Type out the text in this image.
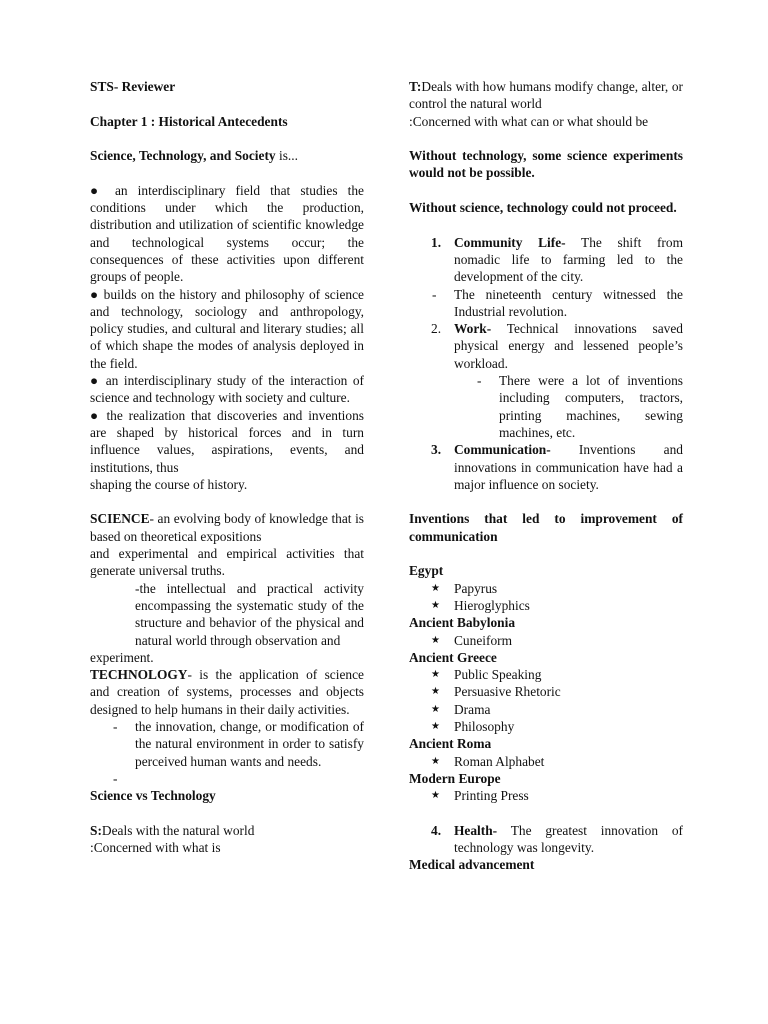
STS- Reviewer

Chapter 1 : Historical Antecedents

Science, Technology, and Society is...

● an interdisciplinary field that studies the conditions under which the production, distribution and utilization of scientific knowledge and technological systems occur; the consequences of these activities upon different groups of people.

● builds on the history and philosophy of science and technology, sociology and anthropology, policy studies, and cultural and literary studies; all of which shape the modes of analysis deployed in the field.

● an interdisciplinary study of the interaction of science and technology with society and culture.

● the realization that discoveries and inventions are shaped by historical forces and in turn influence values, aspirations, events, and institutions, thus

shaping the course of history.

SCIENCE- an evolving body of knowledge that is based on theoretical expositions

and experimental and empirical activities that generate universal truths.

-the intellectual and practical activity encompassing the systematic study of the structure and behavior of the physical and natural world through observation and

experiment.

TECHNOLOGY- is the application of science and creation of systems, processes and objects designed to help humans in their daily activities.

- the innovation, change, or modification of the natural environment in order to satisfy perceived human wants and needs.
-

Science vs Technology

S:Deals with the natural world

:Concerned with what is

T:Deals with how humans modify change, alter, or control the natural world

:Concerned with what can or what should be

Without technology, some science experiments would not be possible.

Without science, technology could not proceed.

1. Community Life- The shift from nomadic life to farming led to the development of the city.
- The nineteenth century witnessed the Industrial revolution.
2. Work- Technical innovations saved physical energy and lessened people’s workload.
- There were a lot of inventions including computers, tractors, printing machines, sewing machines, etc.
3. Communication- Inventions and innovations in communication have had a major influence on society.

Inventions that led to improvement of communication

Egypt

★ Papyrus
★ Hieroglyphics

Ancient Babylonia

★ Cuneiform

Ancient Greece

★ Public Speaking
★ Persuasive Rhetoric
★ Drama
★ Philosophy

Ancient Roma

★ Roman Alphabet

Modern Europe

★ Printing Press
4. Health- The greatest innovation of technology was longevity.

Medical advancement
